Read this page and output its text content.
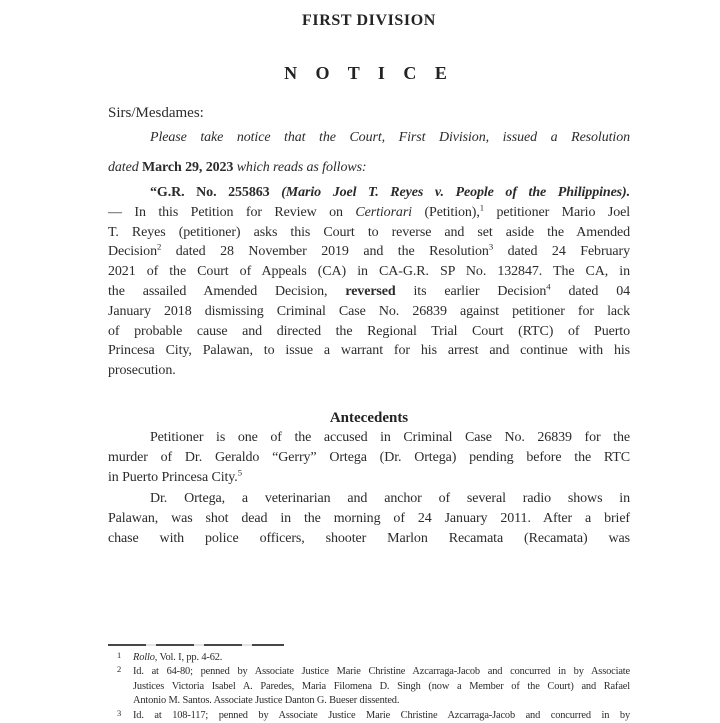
FIRST DIVISION
N O T I C E
Sirs/Mesdames:

Please take notice that the Court, First Division, issued a Resolution
dated March 29, 2023 which reads as follows:

“G.R. No. 255863 (Mario Joel T. Reyes v. People of the Philippines).
— In this Petition for Review on Certiorari (Petition),$^1$ petitioner Mario Joel
T. Reyes (petitioner) asks this Court to reverse and set aside the Amended
Decision$^2$ dated 28 November 2019 and the Resolution$^3$ dated 24 February
2021 of the Court of Appeals (CA) in CA-G.R. SP No. 132847. The CA, in
the assailed Amended Decision, reversed its earlier Decision$^4$ dated 04
January 2018 dismissing Criminal Case No. 26839 against petitioner for lack
of probable cause and directed the Regional Trial Court (RTC) of Puerto
Princesa City, Palawan, to issue a warrant for his arrest and continue with his
prosecution.

Antecedents

Petitioner is one of the accused in Criminal Case No. 26839 for the
murder of Dr. Geraldo “Gerry” Ortega (Dr. Ortega) pending before the RTC
in Puerto Princesa City.$^5$

Dr. Ortega, a veterinarian and anchor of several radio shows in
Palawan, was shot dead in the morning of 24 January 2011. After a brief
chase with police officers, shooter Marlon Recamata (Recamata) was

1 Rollo, Vol. I, pp. 4-62.
2 Id. at 64-80; penned by Associate Justice Marie Christine Azcarraga-Jacob and concurred in by Associate
Justices Victoria Isabel A. Paredes, Maria Filomena D. Singh (now a Member of the Court) and Rafael
Antonio M. Santos. Associate Justice Danton G. Bueser dissented.
3 Id. at 108-117; penned by Associate Justice Marie Christine Azcarraga-Jacob and concurred in by
